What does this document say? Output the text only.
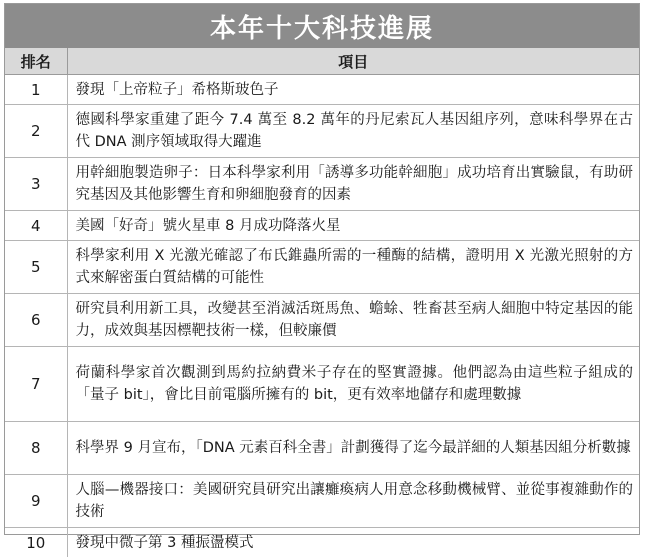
本年十大科技進展
排名	項目
1	發現「上帝粒子」希格斯玻色子
2	德國科學家重建了距今 7.4 萬至 8.2 萬年的丹尼索瓦人基因組序列，意味科學界在古代 DNA 測序領域取得大躍進
3	用幹細胞製造卵子：日本科學家利用「誘導多功能幹細胞」成功培育出實驗鼠，有助研究基因及其他影響生育和卵細胞發育的因素
4	美國「好奇」號火星車 8 月成功降落火星
5	科學家利用 X 光激光確認了布氏錐蟲所需的一種酶的結構，證明用 X 光激光照射的方式來解密蛋白質結構的可能性
6	研究員利用新工具，改變甚至消滅活斑馬魚、蟾蜍、牲畜甚至病人細胞中特定基因的能力，成效與基因標靶技術一樣，但較廉價
7	荷蘭科學家首次觀測到馬約拉納費米子存在的堅實證據。他們認為由這些粒子組成的「量子 bit」，會比目前電腦所擁有的 bit，更有效率地儲存和處理數據
8	科學界 9 月宣布，「DNA 元素百科全書」計劃獲得了迄今最詳細的人類基因組分析數據
9	人腦—機器接口：美國研究員研究出讓癱瘓病人用意念移動機械臂、並從事複雜動作的技術
10	發現中微子第 3 種振盪模式
